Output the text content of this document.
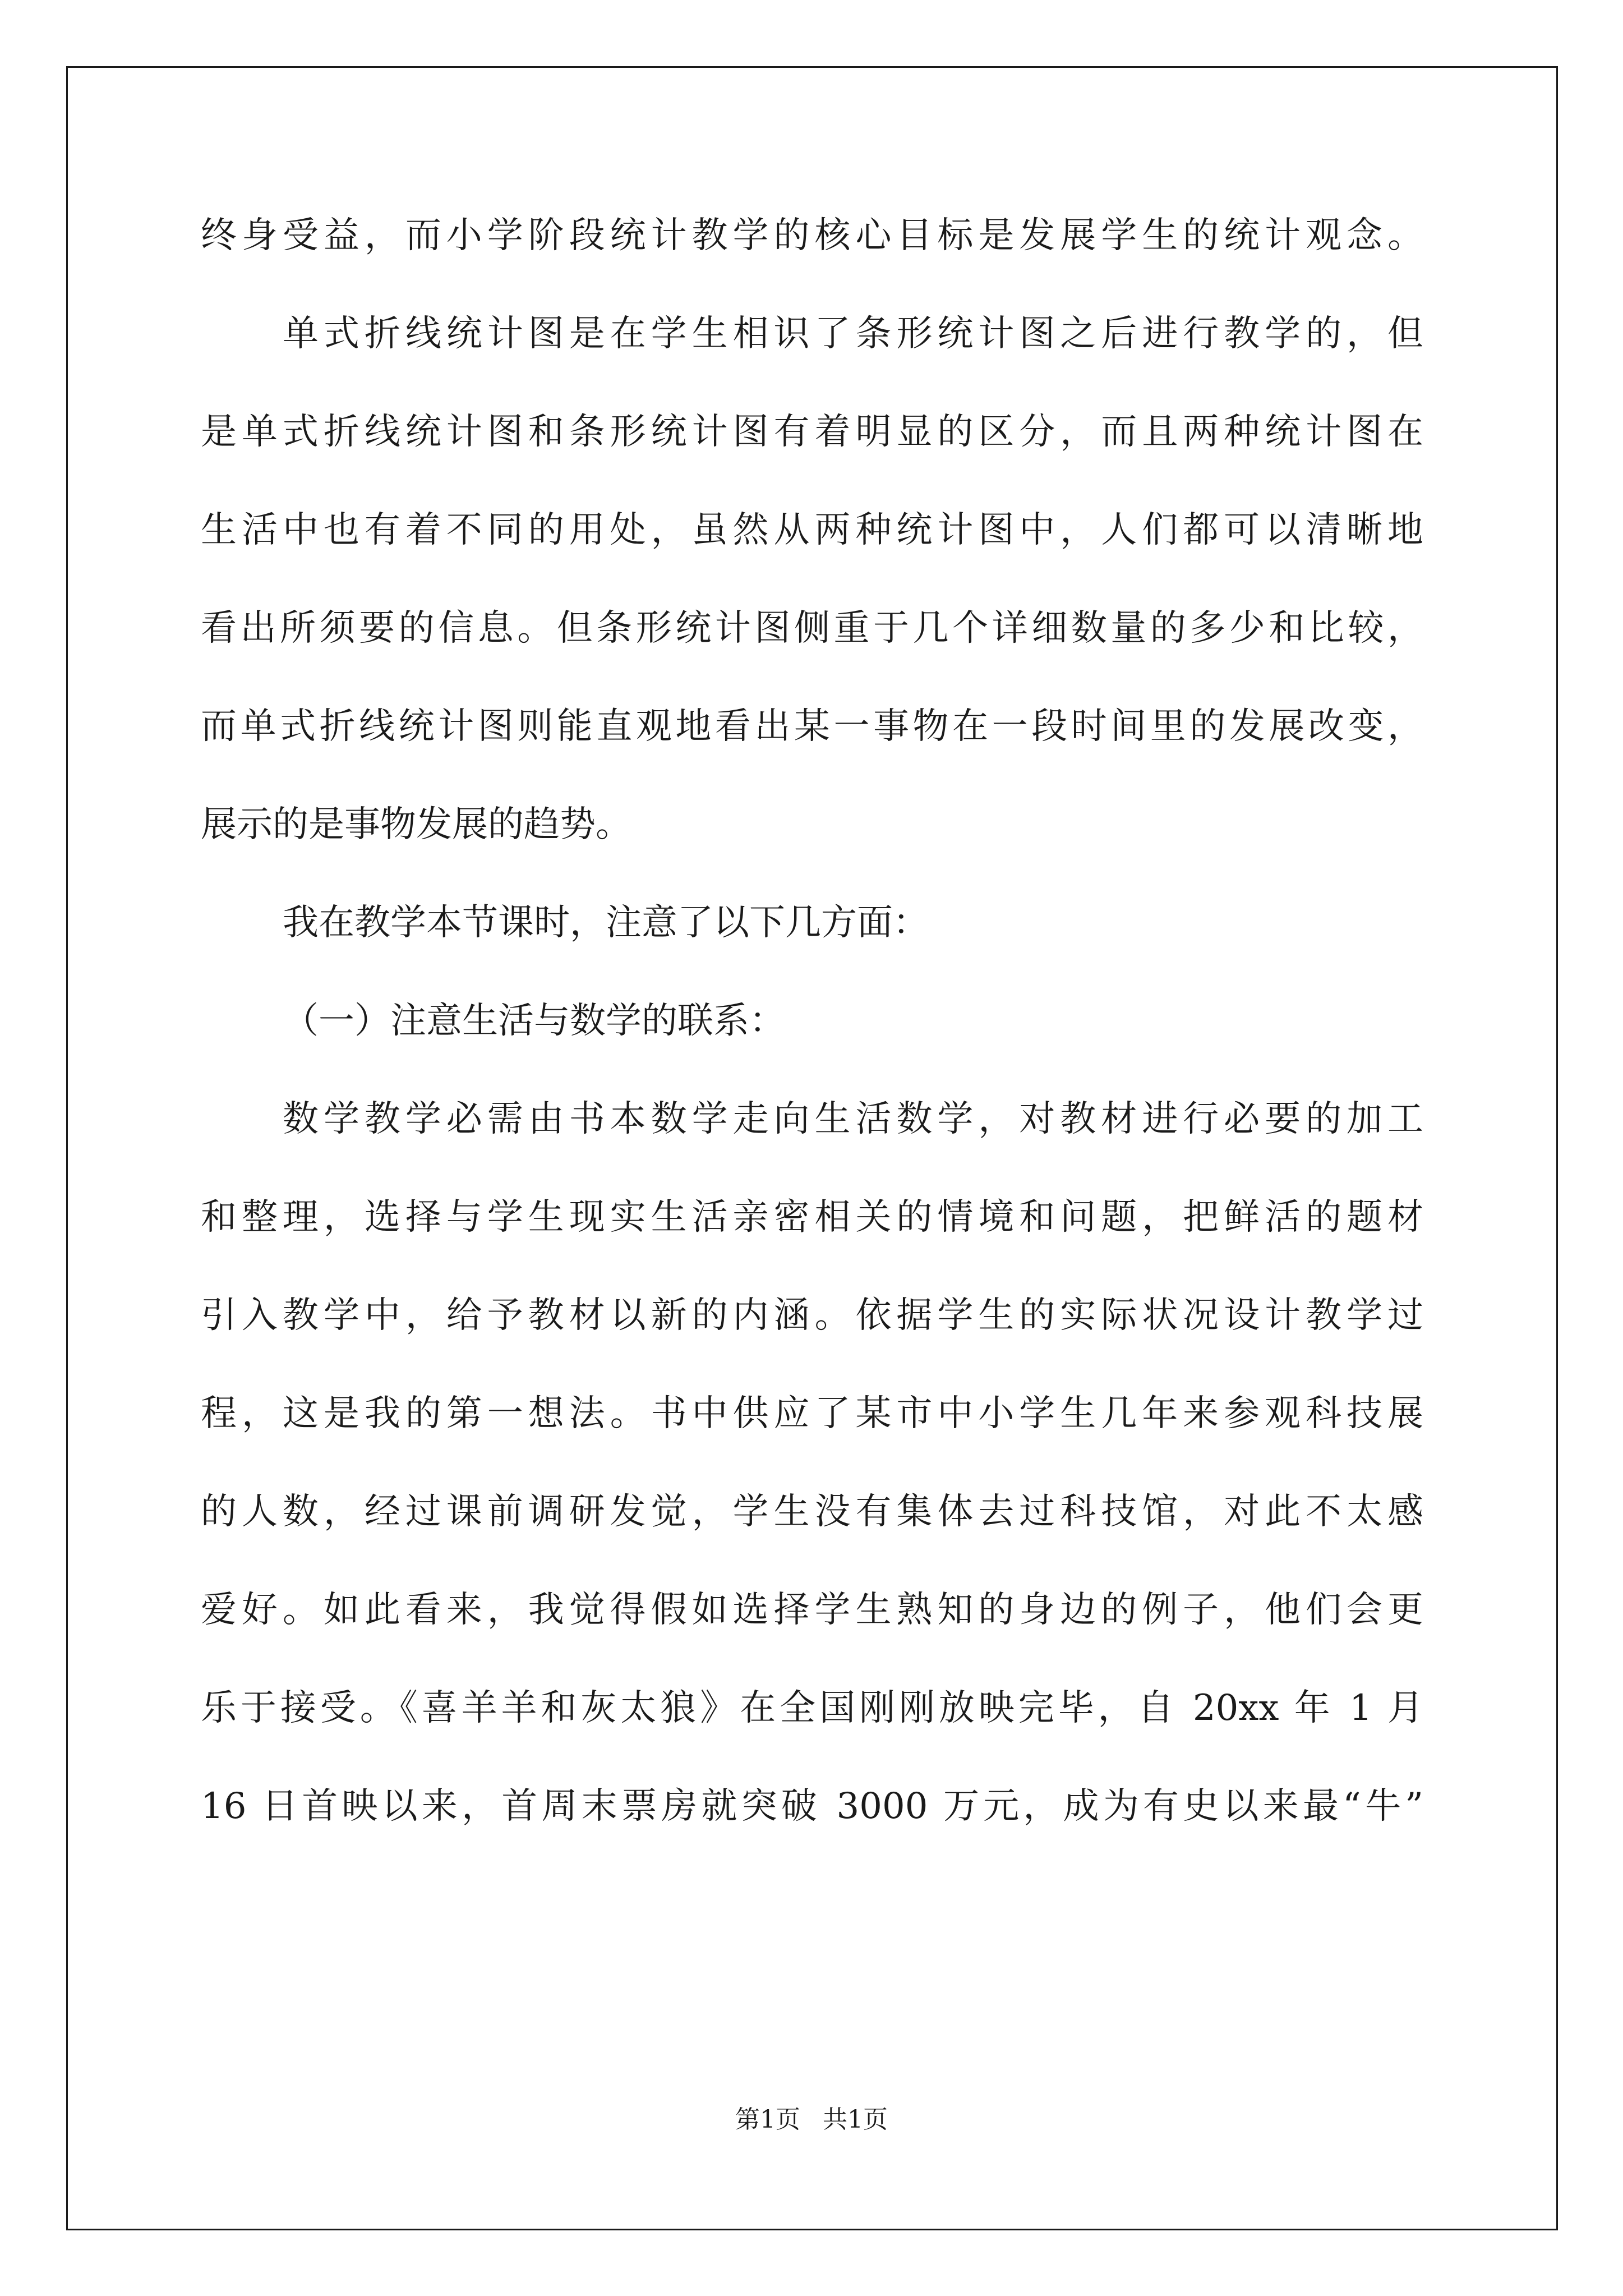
终身受益，而小学阶段统计教学的核心目标是发展学生的统计观念。
单式折线统计图是在学生相识了条形统计图之后进行教学的，但
是单式折线统计图和条形统计图有着明显的区分，而且两种统计图在
生活中也有着不同的用处，虽然从两种统计图中，人们都可以清晰地
看出所须要的信息。但条形统计图侧重于几个详细数量的多少和比较，
而单式折线统计图则能直观地看出某一事物在一段时间里的发展改变，
展示的是事物发展的趋势。
我在教学本节课时，注意了以下几方面：
（一）注意生活与数学的联系：
数学教学必需由书本数学走向生活数学，对教材进行必要的加工
和整理，选择与学生现实生活亲密相关的情境和问题，把鲜活的题材
引入教学中，给予教材以新的内涵。依据学生的实际状况设计教学过
程，这是我的第一想法。书中供应了某市中小学生几年来参观科技展
的人数，经过课前调研发觉，学生没有集体去过科技馆，对此不太感
爱好。如此看来，我觉得假如选择学生熟知的身边的例子，他们会更
乐于接受。《喜羊羊和灰太狼》在全国刚刚放映完毕，自 20xx 年 1 月
16 日首映以来，首周末票房就突破 3000 万元，成为有史以来最“牛”
第1页 共1页
